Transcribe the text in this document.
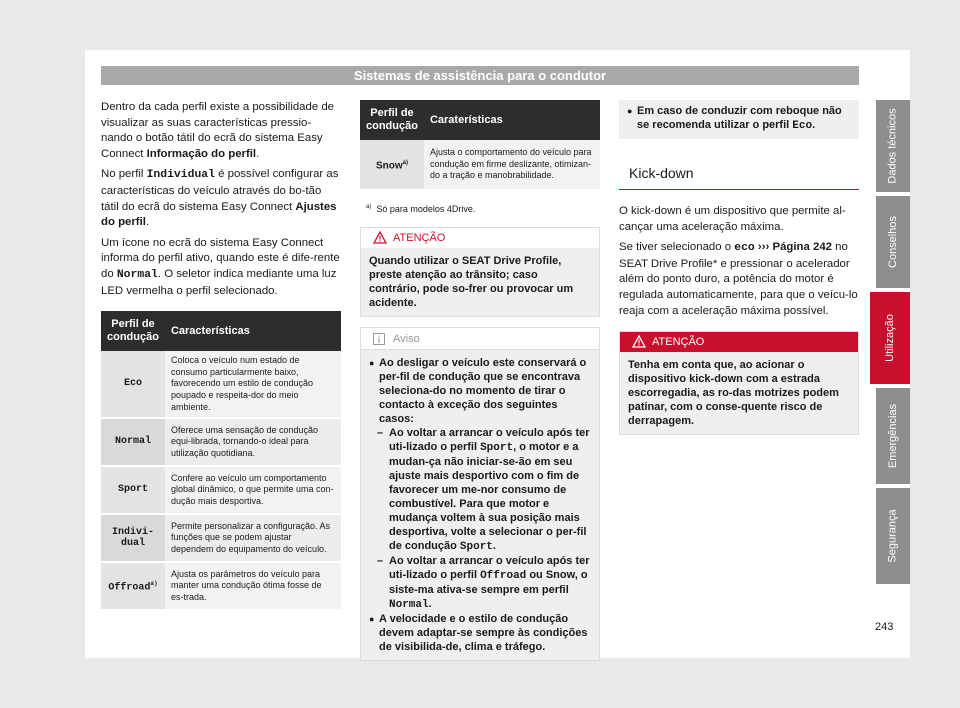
Sistemas de assistência para o condutor

Dentro da cada perfil existe a possibilidade de visualizar as suas características pressio-nando o botão tátil do ecrã do sistema Easy Connect Informação do perfil.

No perfil Individual é possível configurar as características do veículo através do bo-tão tátil do ecrã do sistema Easy Connect Ajustes do perfil.

Um ícone no ecrã do sistema Easy Connect informa do perfil ativo, quando este é dife-rente do Normal. O seletor indica mediante uma luz LED vermelha o perfil selecionado.

Perfil de condução	Características
Eco	Coloca o veículo num estado de consumo particularmente baixo, favorecendo um estilo de condução poupado e respeita-dor do meio ambiente.
Normal	Oferece uma sensação de condução equi-librada, tornando-o ideal para utilização quotidiana.
Sport	Confere ao veículo um comportamento global dinâmico, o que permite uma con-dução mais desportiva.
Indivi-dual	Permite personalizar a configuração. As funções que se podem ajustar dependem do equipamento do veículo.
Offroad$^{a)}$	Ajusta os parâmetros do veículo para manter uma condução ótima fosse de es-trada.
Perfil de condução	Caraterísticas
Snow$^{a)}$	Ajusta o comportamento do veículo para condução em firme deslizante, otimizan-do a tração e manobrabilidade.
$^{a)}$ Só para modelos 4Drive.
ATENÇÃO
Quando utilizar o SEAT Drive Profile, preste atenção ao trânsito; caso contrário, pode so-frer ou provocar um acidente.
Aviso
● Ao desligar o veículo este conservará o per-fil de condução que se encontrava seleciona-do no momento de tirar o contacto à exceção dos seguintes casos:
– Ao voltar a arrancar o veículo após ter uti-lizado o perfil Sport, o motor e a mudan-ça não iniciar-se-ão em seu ajuste mais desportivo com o fim de favorecer um me-nor consumo de combustível. Para que motor e mudança voltem à sua posição mais desportiva, volte a selecionar o per-fil de condução Sport.
– Ao voltar a arrancar o veículo após ter uti-lizado o perfil Offroad ou Snow, o siste-ma ativa-se sempre em perfil Normal.
● A velocidade e o estilo de condução devem adaptar-se sempre às condições de visibilida-de, clima e tráfego.
● Em caso de conduzir com reboque não se recomenda utilizar o perfil Eco.
Kick-down

O kick-down é um dispositivo que permite al-cançar uma aceleração máxima.

Se tiver selecionado o eco ››› Página 242 no SEAT Drive Profile* e pressionar o acelerador além do ponto duro, a potência do motor é regulada automaticamente, para que o veícu-lo reaja com a aceleração máxima possível.

ATENÇÃO
Tenha em conta que, ao acionar o dispositivo kick-down com a estrada escorregadia, as ro-das motrizes podem patinar, com o conse-quente risco de derrapagem.
Dados técnicos
Conselhos
Utilização
Emergências
Segurança
243
